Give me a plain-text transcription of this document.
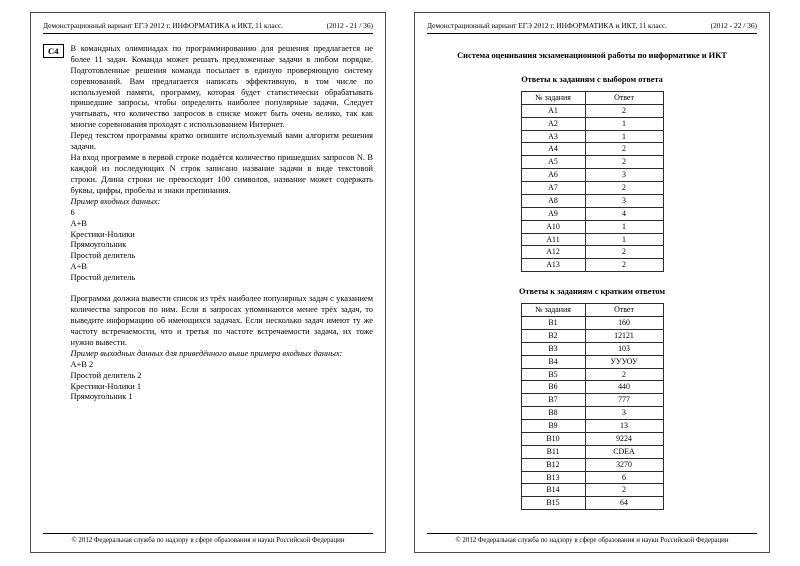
Демонстрационный вариант ЕГЭ 2012 г. ИНФОРМАТИКА и ИКТ, 11 класс.	(2012 - 21 / 36)
С4	В командных олимпиадах по программированию для решения предлагается не более 11 задач. Команда может решать предложенные задачи в любом порядке. Подготовленные решения команда посылает в единую проверяющую систему соревнований. Вам предлагается написать эффективную, в том числе по используемой памяти, программу, которая будет статистически обрабатывать пришедшие запросы, чтобы определить наиболее популярные задачи. Следует учитывать, что количество запросов в списке может быть очень велико, так как многие соревнования проходят с использованием Интернет.

Перед текстом программы кратко опишите используемый вами алгоритм решения задачи.

На вход программе в первой строке подаётся количество пришедших запросов N. В каждой из последующих N строк записано название задачи в виде текстовой строки. Длина строки не превосходит 100 символов, название может содержать буквы, цифры, пробелы и знаки препинания.

Пример входных данных:

6
А+В
Крестики-Нолики
Прямоугольник
Простой делитель
А+В
Простой делитель

Программа должна вывести список из трёх наиболее популярных задач с указанием количества запросов по ним. Если в запросах упоминаются менее трёх задач, то выведите информацию об имеющихся задачах. Если несколько задач имеют ту же частоту встречаемости, что и третья по частоте встречаемости задача, их тоже нужно вывести.

Пример выходных данных для приведённого выше примера входных данных:

А+В 2
Простой делитель 2
Крестики-Нолики 1
Прямоугольник 1
© 2012 Федеральная служба по надзору в сфере образования и науки Российской Федерации
Демонстрационный вариант ЕГЭ 2012 г. ИНФОРМАТИКА и ИКТ, 11 класс.	(2012 - 22 / 36)
Система оценивания экзаменационной работы по информатике и ИКТ
Ответы к заданиям с выбором ответа
№ задания	Ответ
А1	2
А2	1
А3	1
А4	2
А5	2
А6	3
А7	2
А8	3
А9	4
А10	1
А11	1
А12	2
А13	2
Ответы к заданиям с кратким ответом
№ задания	Ответ
B1	160
B2	12121
B3	103
B4	УУУОУ
B5	2
B6	440
B7	777
B8	3
B9	13
B10	9224
B11	CDEA
B12	3270
B13	6
B14	2
B15	64
© 2012 Федеральная служба по надзору в сфере образования и науки Российской Федерации
